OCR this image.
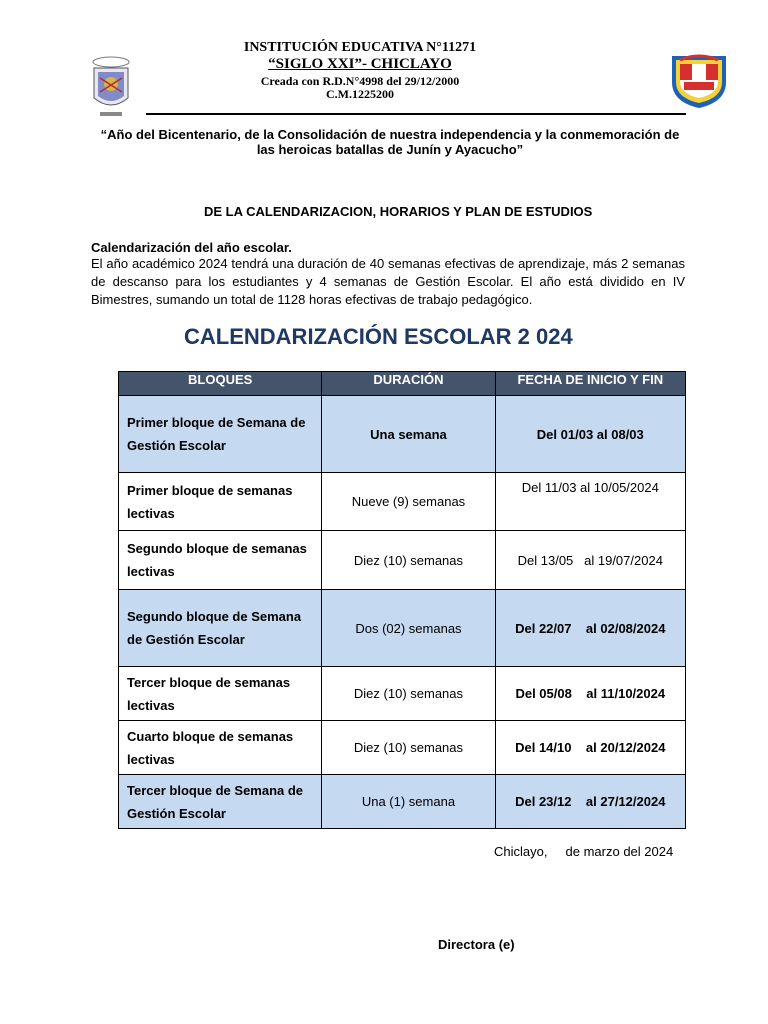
INSTITUCIÓN EDUCATIVA N°11271
“SIGLO XXI”- CHICLAYO
Creada con R.D.N°4998 del 29/12/2000
C.M.1225200
“Año del Bicentenario, de la Consolidación de nuestra independencia y la conmemoración de las heroicas batallas de Junín y Ayacucho”
DE LA CALENDARIZACION, HORARIOS Y PLAN DE ESTUDIOS
Calendarización del año escolar.
El año académico 2024 tendrá una duración de 40 semanas efectivas de aprendizaje, más 2 semanas de descanso para los estudiantes y 4 semanas de Gestión Escolar. El año está dividido en IV Bimestres, sumando un total de 1128 horas efectivas de trabajo pedagógico.
CALENDARIZACIÓN ESCOLAR 2 024
BLOQUES	DURACIÓN	FECHA DE INICIO Y FIN
Primer bloque de Semana de Gestión Escolar	Una semana	Del 01/03 al 08/03
Primer bloque de semanas lectivas	Nueve (9) semanas	Del 11/03 al 10/05/2024
Segundo bloque de semanas lectivas	Diez (10) semanas	Del 13/05   al 19/07/2024
Segundo bloque de Semana de Gestión Escolar	Dos (02) semanas	Del 22/07    al 02/08/2024
Tercer bloque de semanas lectivas	Diez (10) semanas	Del 05/08    al 11/10/2024
Cuarto bloque de semanas lectivas	Diez (10) semanas	Del 14/10    al 20/12/2024
Tercer bloque de Semana de Gestión Escolar	Una (1) semana	Del 23/12    al 27/12/2024
Chiclayo,     de marzo del 2024
Directora (e)
